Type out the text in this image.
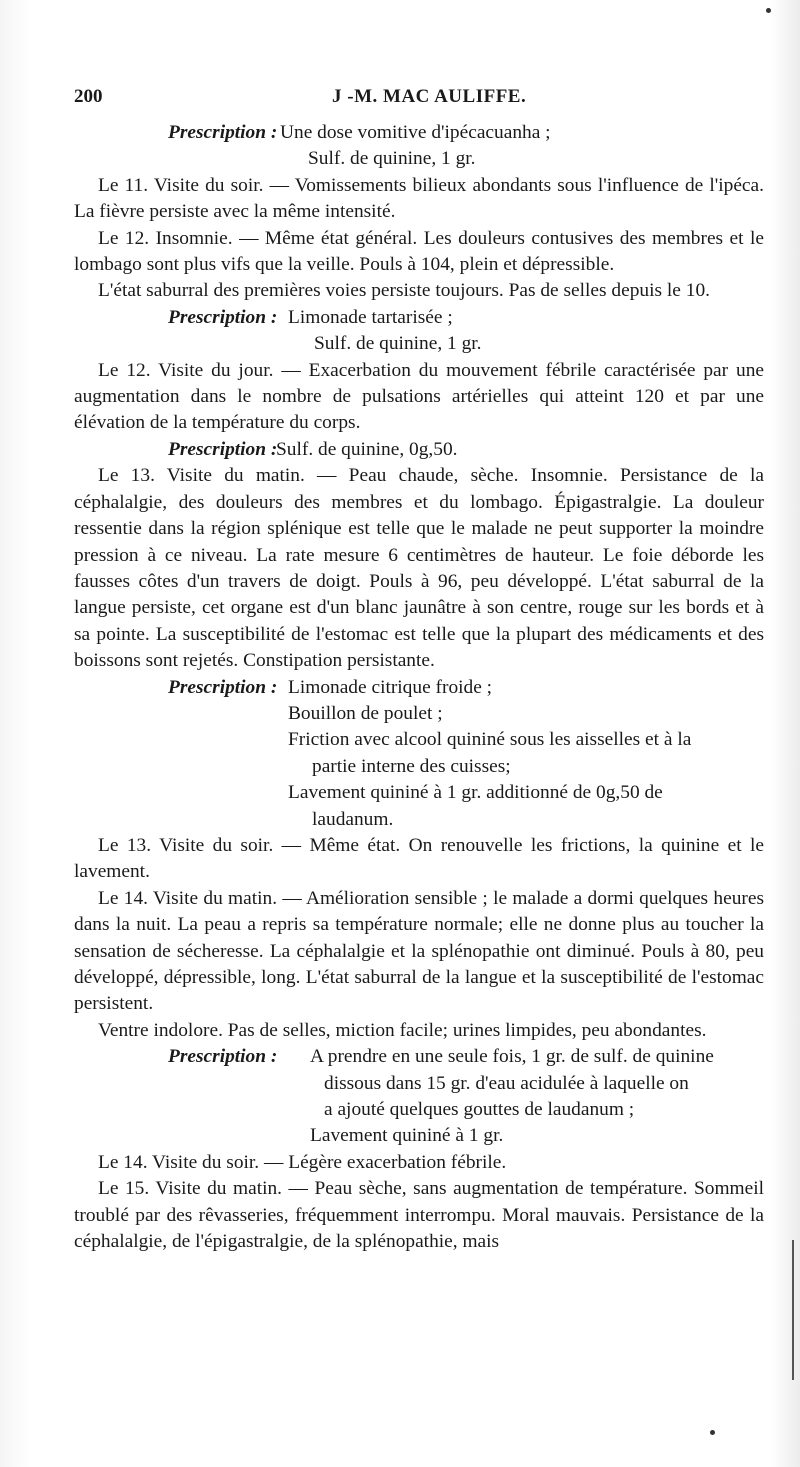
200	J -M. MAC AULIFFE.
Prescription : Une dose vomitive d'ipécacuanha ;
Sulf. de quinine, 1 gr.

Le 11. Visite du soir. — Vomissements bilieux abondants sous l'influence de l'ipéca. La fièvre persiste avec la même intensité.

Le 12. Insomnie. — Même état général. Les douleurs contusives des membres et le lombago sont plus vifs que la veille. Pouls à 104, plein et dépressible.

L'état saburral des premières voies persiste toujours. Pas de selles depuis le 10.

Prescription : Limonade tartarisée ;
Sulf. de quinine, 1 gr.

Le 12. Visite du jour. — Exacerbation du mouvement fébrile caractérisée par une augmentation dans le nombre de pulsations artérielles qui atteint 120 et par une élévation de la température du corps.

Prescription :
Sulf. de quinine, 0g,50.

Le 13. Visite du matin. — Peau chaude, sèche. Insomnie. Persistance de la céphalalgie, des douleurs des membres et du lombago. Épigastralgie. La douleur ressentie dans la région splénique est telle que le malade ne peut supporter la moindre pression à ce niveau. La rate mesure 6 centimètres de hauteur. Le foie déborde les fausses côtes d'un travers de doigt. Pouls à 96, peu développé. L'état saburral de la langue persiste, cet organe est d'un blanc jaunâtre à son centre, rouge sur les bords et à sa pointe. La susceptibilité de l'estomac est telle que la plupart des médicaments et des boissons sont rejetés. Constipation persistante.

Prescription : Limonade citrique froide ;
Bouillon de poulet ;
Friction avec alcool quininé sous les aisselles et à la
partie interne des cuisses;
Lavement quininé à 1 gr. additionné de 0g,50 de
laudanum.

Le 13. Visite du soir. — Même état. On renouvelle les frictions, la quinine et le lavement.

Le 14. Visite du matin. — Amélioration sensible ; le malade a dormi quelques heures dans la nuit. La peau a repris sa température normale; elle ne donne plus au toucher la sensation de sécheresse. La céphalalgie et la splénopathie ont diminué. Pouls à 80, peu développé, dépressible, long. L'état saburral de la langue et la susceptibilité de l'estomac persistent.

Ventre indolore. Pas de selles, miction facile; urines limpides, peu abondantes.

Prescription :	A prendre en une seule fois, 1 gr. de sulf. de quinine
dissous dans 15 gr. d'eau acidulée à laquelle on
a ajouté quelques gouttes de laudanum ;
Lavement quininé à 1 gr.

Le 14. Visite du soir. — Légère exacerbation fébrile.

Le 15. Visite du matin. — Peau sèche, sans augmentation de température. Sommeil troublé par des rêvasseries, fréquemment interrompu. Moral mauvais. Persistance de la céphalalgie, de l'épigastralgie, de la splénopathie, mais
